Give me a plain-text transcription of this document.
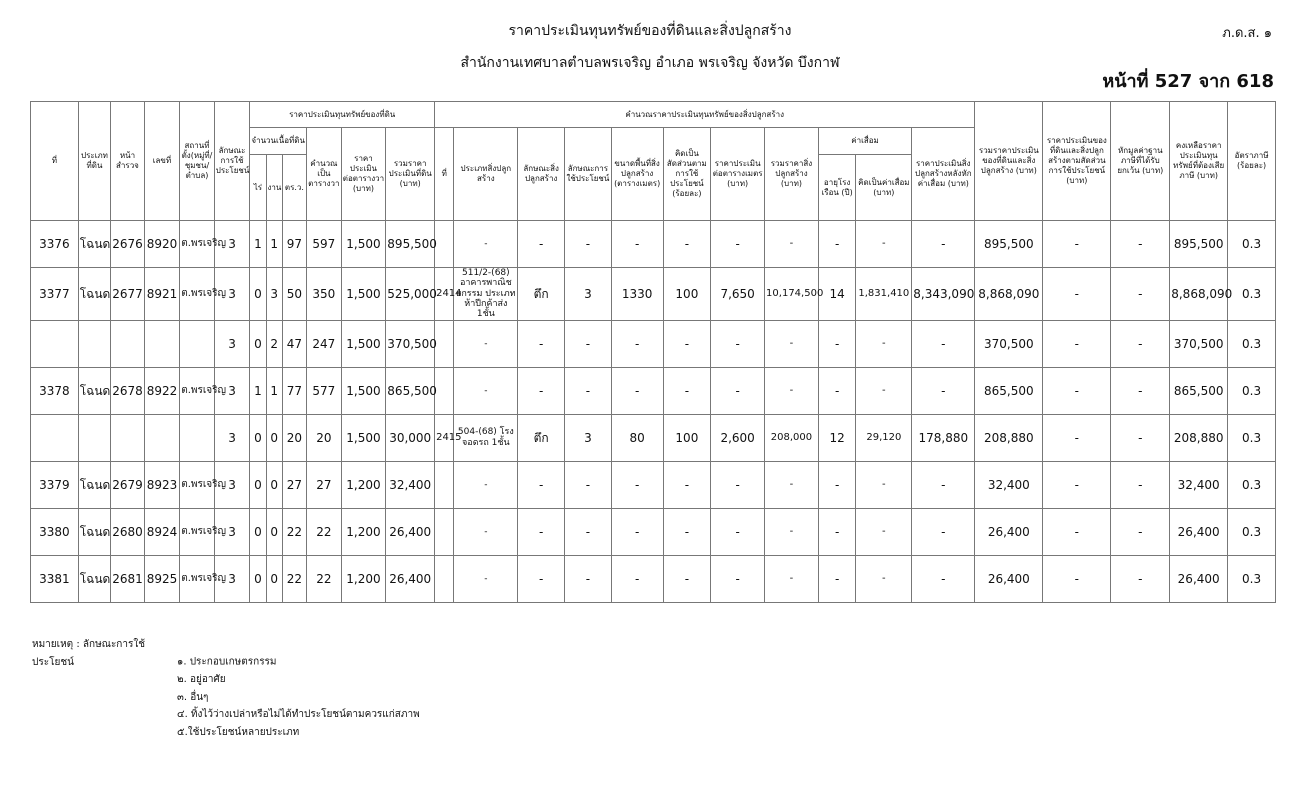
ราคาประเมินทุนทรัพย์ของที่ดินและสิ่งปลูกสร้าง	ภ.ด.ส. ๑
สำนักงานเทศบาลตำบลพรเจริญ อำเภอ พรเจริญ จังหวัด บึงกาฬ
หน้าที่ 527 จาก 618
ที่	ประเภทที่ดิน	หน้าสำรวจ	เลขที่	สถานที่ตั้ง(หมู่ที่/ชุมชน/ตำบล)	ลักษณะการใช้ประโยชน์	ราคาประเมินทุนทรัพย์ของที่ดิน						คำนวณราคาประเมินทุนทรัพย์ของสิ่งปลูกสร้าง											รวมราคาประเมินของที่ดินและสิ่งปลูกสร้าง (บาท)	ราคาประเมินของที่ดินและสิ่งปลูกสร้างตามสัดส่วนการใช้ประโยชน์ (บาท)	หักมูลค่าฐานภาษีที่ได้รับยกเว้น (บาท)	คงเหลือราคาประเมินทุนทรัพย์ที่ต้องเสียภาษี (บาท)	อัตราภาษี (ร้อยละ)
						จำนวนเนื้อที่ดิน			คำนวณเป็นตารางวา	ราคาประเมินต่อตารางวา (บาท)	รวมราคาประเมินที่ดิน (บาท)	ที่	ประเภทสิ่งปลูกสร้าง	ลักษณะสิ่งปลูกสร้าง	ลักษณะการใช้ประโยชน์	ขนาดพื้นที่สิ่งปลูกสร้าง (ตารางเมตร)	คิดเป็นสัดส่วนตามการใช้ประโยชน์ (ร้อยละ)	ราคาประเมินต่อตารางเมตร (บาท)	รวมราคาสิ่งปลูกสร้าง (บาท)	ค่าเสื่อม		ราคาประเมินสิ่งปลูกสร้างหลังหักค่าเสื่อม (บาท)					
						ไร่	งาน	ตร.ว.												อายุโรงเรือน (ปี)	คิดเป็นค่าเสื่อม (บาท)						
3376	โฉนด	2676	8920	ต.พรเจริญ	3	1	1	97	597	1,500	895,500		-	-	-	-	-	-	-	-	-	-	895,500	-	-	895,500	0.3
3377	โฉนด	2677	8921	ต.พรเจริญ	3	0	3	50	350	1,500	525,000	2414	511/2-(68) อาคารพาณิชยกรรม ประเภทห้าปีกค้าส่ง 1ชั้น	ตึก	3	1330	100	7,650	10,174,500	14	1,831,410	8,343,090	8,868,090	-	-	8,868,090	0.3
					3	0	2	47	247	1,500	370,500		-	-	-	-	-	-	-	-	-	-	370,500	-	-	370,500	0.3
3378	โฉนด	2678	8922	ต.พรเจริญ	3	1	1	77	577	1,500	865,500		-	-	-	-	-	-	-	-	-	-	865,500	-	-	865,500	0.3
					3	0	0	20	20	1,500	30,000	2415	504-(68) โรงจอดรถ 1ชั้น	ตึก	3	80	100	2,600	208,000	12	29,120	178,880	208,880	-	-	208,880	0.3
3379	โฉนด	2679	8923	ต.พรเจริญ	3	0	0	27	27	1,200	32,400		-	-	-	-	-	-	-	-	-	-	32,400	-	-	32,400	0.3
3380	โฉนด	2680	8924	ต.พรเจริญ	3	0	0	22	22	1,200	26,400		-	-	-	-	-	-	-	-	-	-	26,400	-	-	26,400	0.3
3381	โฉนด	2681	8925	ต.พรเจริญ	3	0	0	22	22	1,200	26,400		-	-	-	-	-	-	-	-	-	-	26,400	-	-	26,400	0.3
หมายเหตุ : ลักษณะการใช้ประโยชน์	๑. ประกอบเกษตรกรรม
๒. อยู่อาศัย
๓. อื่นๆ
๔. ทิ้งไว้ว่างเปล่าหรือไม่ได้ทำประโยชน์ตามควรแก่สภาพ
๕.ใช้ประโยชน์หลายประเภท
